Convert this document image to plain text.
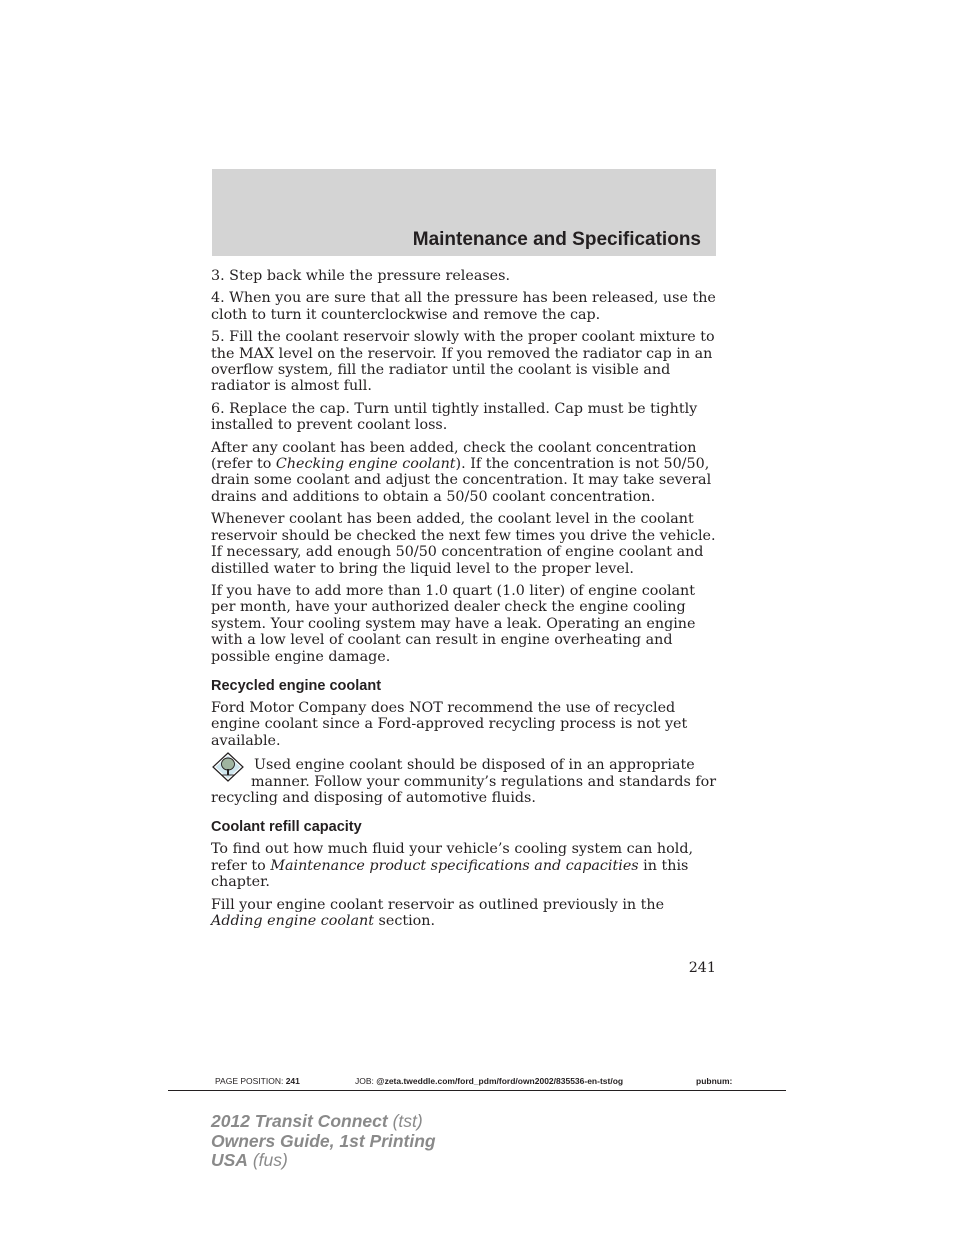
Maintenance and Specifications

3. Step back while the pressure releases.

4. When you are sure that all the pressure has been released, use the cloth to turn it counterclockwise and remove the cap.

5. Fill the coolant reservoir slowly with the proper coolant mixture to the MAX level on the reservoir. If you removed the radiator cap in an overflow system, fill the radiator until the coolant is visible and radiator is almost full.

6. Replace the cap. Turn until tightly installed. Cap must be tightly installed to prevent coolant loss.

After any coolant has been added, check the coolant concentration (refer to Checking engine coolant). If the concentration is not 50/50, drain some coolant and adjust the concentration. It may take several drains and additions to obtain a 50/50 coolant concentration.

Whenever coolant has been added, the coolant level in the coolant reservoir should be checked the next few times you drive the vehicle. If necessary, add enough 50/50 concentration of engine coolant and distilled water to bring the liquid level to the proper level.

If you have to add more than 1.0 quart (1.0 liter) of engine coolant per month, have your authorized dealer check the engine cooling system. Your cooling system may have a leak. Operating an engine with a low level of coolant can result in engine overheating and possible engine damage.

Recycled engine coolant

Ford Motor Company does NOT recommend the use of recycled engine coolant since a Ford-approved recycling process is not yet available.

Used engine coolant should be disposed of in an appropriate manner. Follow your community’s regulations and standards for recycling and disposing of automotive fluids.

Coolant refill capacity

To find out how much fluid your vehicle’s cooling system can hold, refer to Maintenance product specifications and capacities in this chapter.

Fill your engine coolant reservoir as outlined previously in the Adding engine coolant section.

241
PAGE POSITION: 241	JOB: @zeta.tweddle.com/ford_pdm/ford/own2002/835536-en-tst/og	pubnum:
2012 Transit Connect (tst)
Owners Guide, 1st Printing
USA (fus)
